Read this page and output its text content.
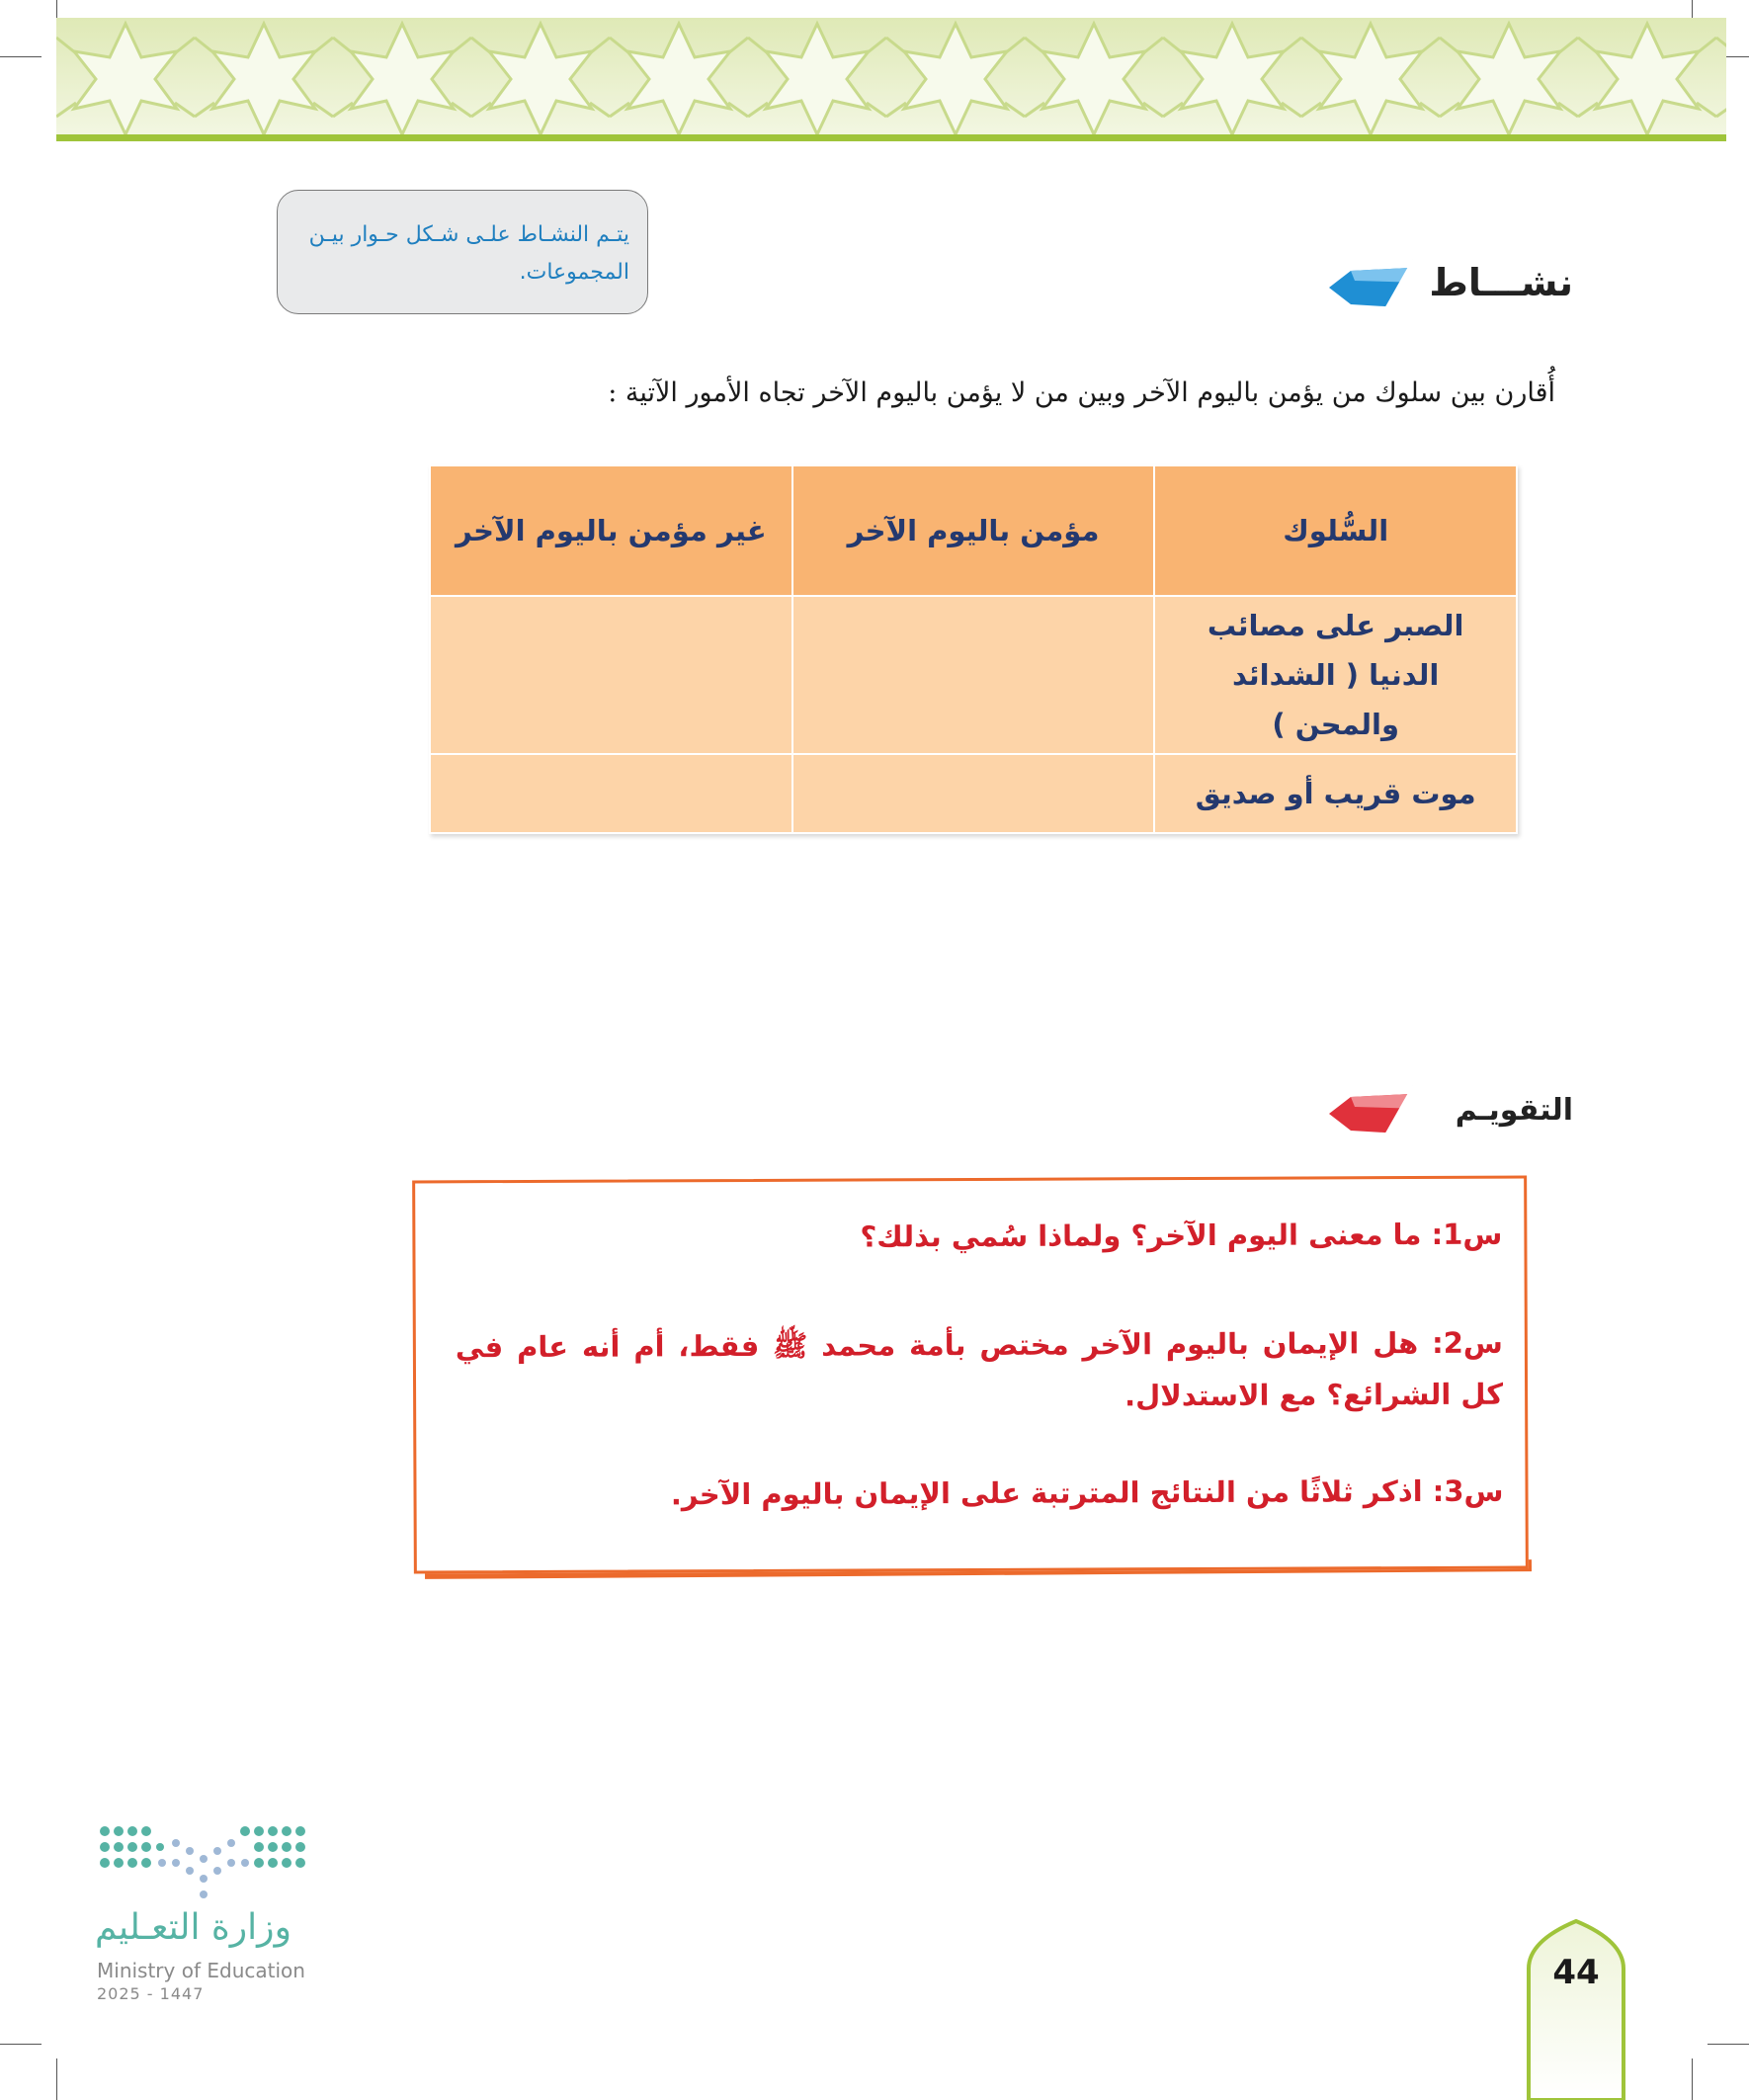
نشـــاط
يتـم النشـاط علـى شـكل حـوار بيـن المجموعات.
أُقارن بين سلوك من يؤمن باليوم الآخر وبين من لا يؤمن باليوم الآخر تجاه الأمور الآتية :
السُّلوك	مؤمن باليوم الآخر	غير مؤمن باليوم الآخر
الصبر على مصائب الدنيا ( الشدائد والمحن )		
موت قريب أو صديق		
التقويـم
س1: ما معنى اليوم الآخر؟ ولماذا سُمي بذلك؟
س2: هل الإيمان باليوم الآخر مختص بأمة محمد ﷺ فقط، أم أنه عام في كل الشرائع؟ مع الاستدلال.
س3: اذكر ثلاثًا من النتائج المترتبة على الإيمان باليوم الآخر.
وزارة التعـليم
Ministry of Education
2025 - 1447
44
